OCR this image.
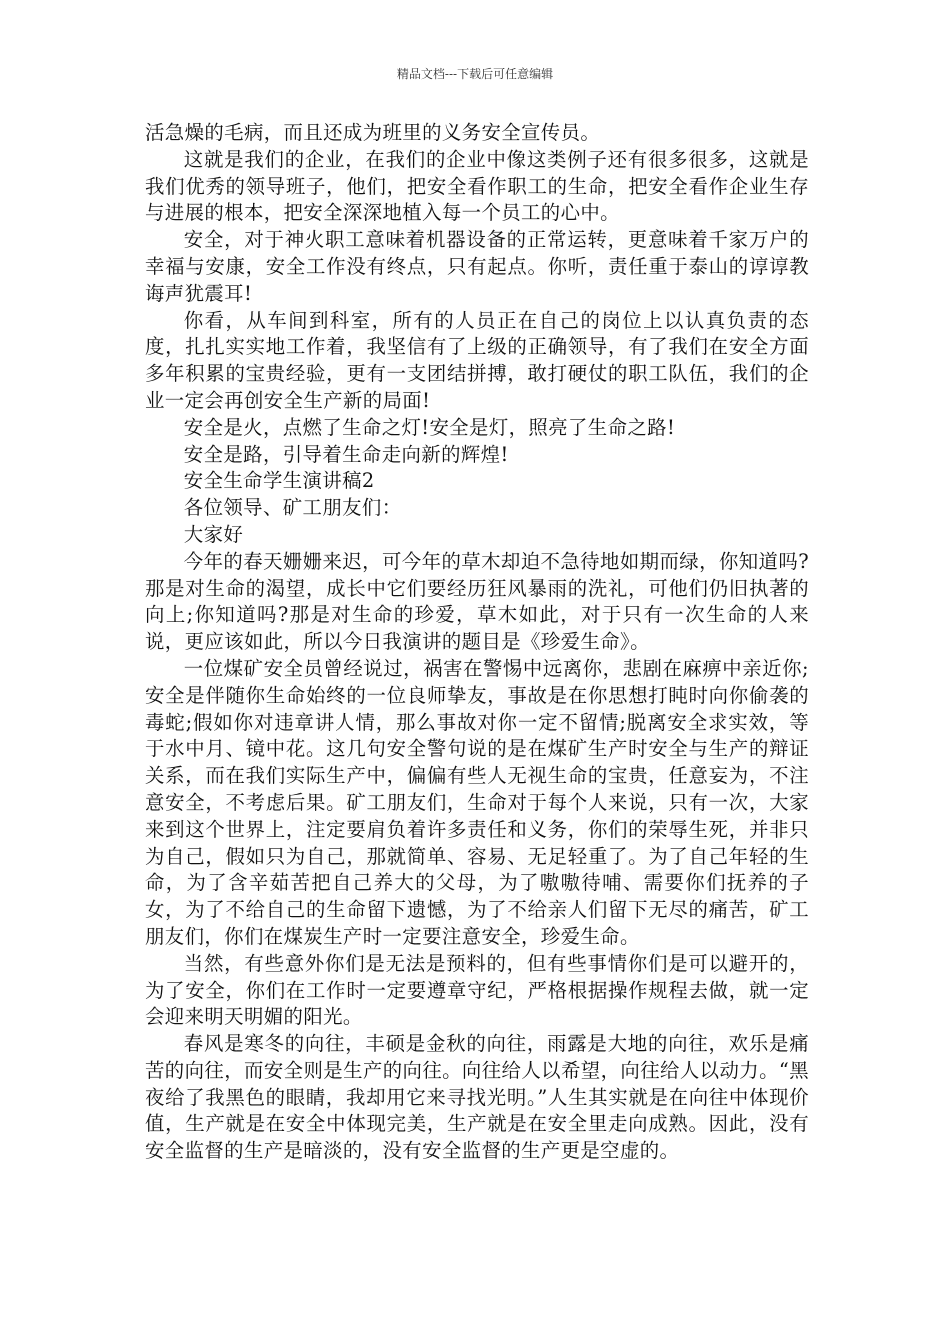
精品文档---下载后可任意编辑

活急燥的毛病，而且还成为班里的义务安全宣传员。

这就是我们的企业，在我们的企业中像这类例子还有很多很多，这就是我们优秀的领导班子，他们，把安全看作职工的生命，把安全看作企业生存与进展的根本，把安全深深地植入每一个员工的心中。

安全，对于神火职工意味着机器设备的正常运转，更意味着千家万户的幸福与安康，安全工作没有终点，只有起点。你听，责任重于泰山的谆谆教诲声犹震耳!

你看，从车间到科室，所有的人员正在自己的岗位上以认真负责的态度，扎扎实实地工作着，我坚信有了上级的正确领导，有了我们在安全方面多年积累的宝贵经验，更有一支团结拼搏，敢打硬仗的职工队伍，我们的企业一定会再创安全生产新的局面!

安全是火，点燃了生命之灯!安全是灯，照亮了生命之路!

安全是路，引导着生命走向新的辉煌!

安全生命学生演讲稿2

各位领导、矿工朋友们：

大家好

今年的春天姗姗来迟，可今年的草木却迫不急待地如期而绿，你知道吗?那是对生命的渴望，成长中它们要经历狂风暴雨的洗礼，可他们仍旧执著的向上;你知道吗?那是对生命的珍爱，草木如此，对于只有一次生命的人来说，更应该如此，所以今日我演讲的题目是《珍爱生命》。

一位煤矿安全员曾经说过，祸害在警惕中远离你，悲剧在麻痹中亲近你;安全是伴随你生命始终的一位良师挚友，事故是在你思想打盹时向你偷袭的毒蛇;假如你对违章讲人情，那么事故对你一定不留情;脱离安全求实效，等于水中月、镜中花。这几句安全警句说的是在煤矿生产时安全与生产的辩证关系，而在我们实际生产中，偏偏有些人无视生命的宝贵，任意妄为，不注意安全，不考虑后果。矿工朋友们，生命对于每个人来说，只有一次，大家来到这个世界上，注定要肩负着许多责任和义务，你们的荣辱生死，并非只为自己，假如只为自己，那就简单、容易、无足轻重了。为了自己年轻的生命，为了含辛茹苦把自己养大的父母，为了嗷嗷待哺、需要你们抚养的子女，为了不给自己的生命留下遗憾，为了不给亲人们留下无尽的痛苦，矿工朋友们，你们在煤炭生产时一定要注意安全，珍爱生命。

当然，有些意外你们是无法是预料的，但有些事情你们是可以避开的，为了安全，你们在工作时一定要遵章守纪，严格根据操作规程去做，就一定会迎来明天明媚的阳光。

春风是寒冬的向往，丰硕是金秋的向往，雨露是大地的向往，欢乐是痛苦的向往，而安全则是生产的向往。向往给人以希望，向往给人以动力。“黑夜给了我黑色的眼睛，我却用它来寻找光明。”人生其实就是在向往中体现价值，生产就是在安全中体现完美，生产就是在安全里走向成熟。因此，没有安全监督的生产是暗淡的，没有安全监督的生产更是空虚的。
